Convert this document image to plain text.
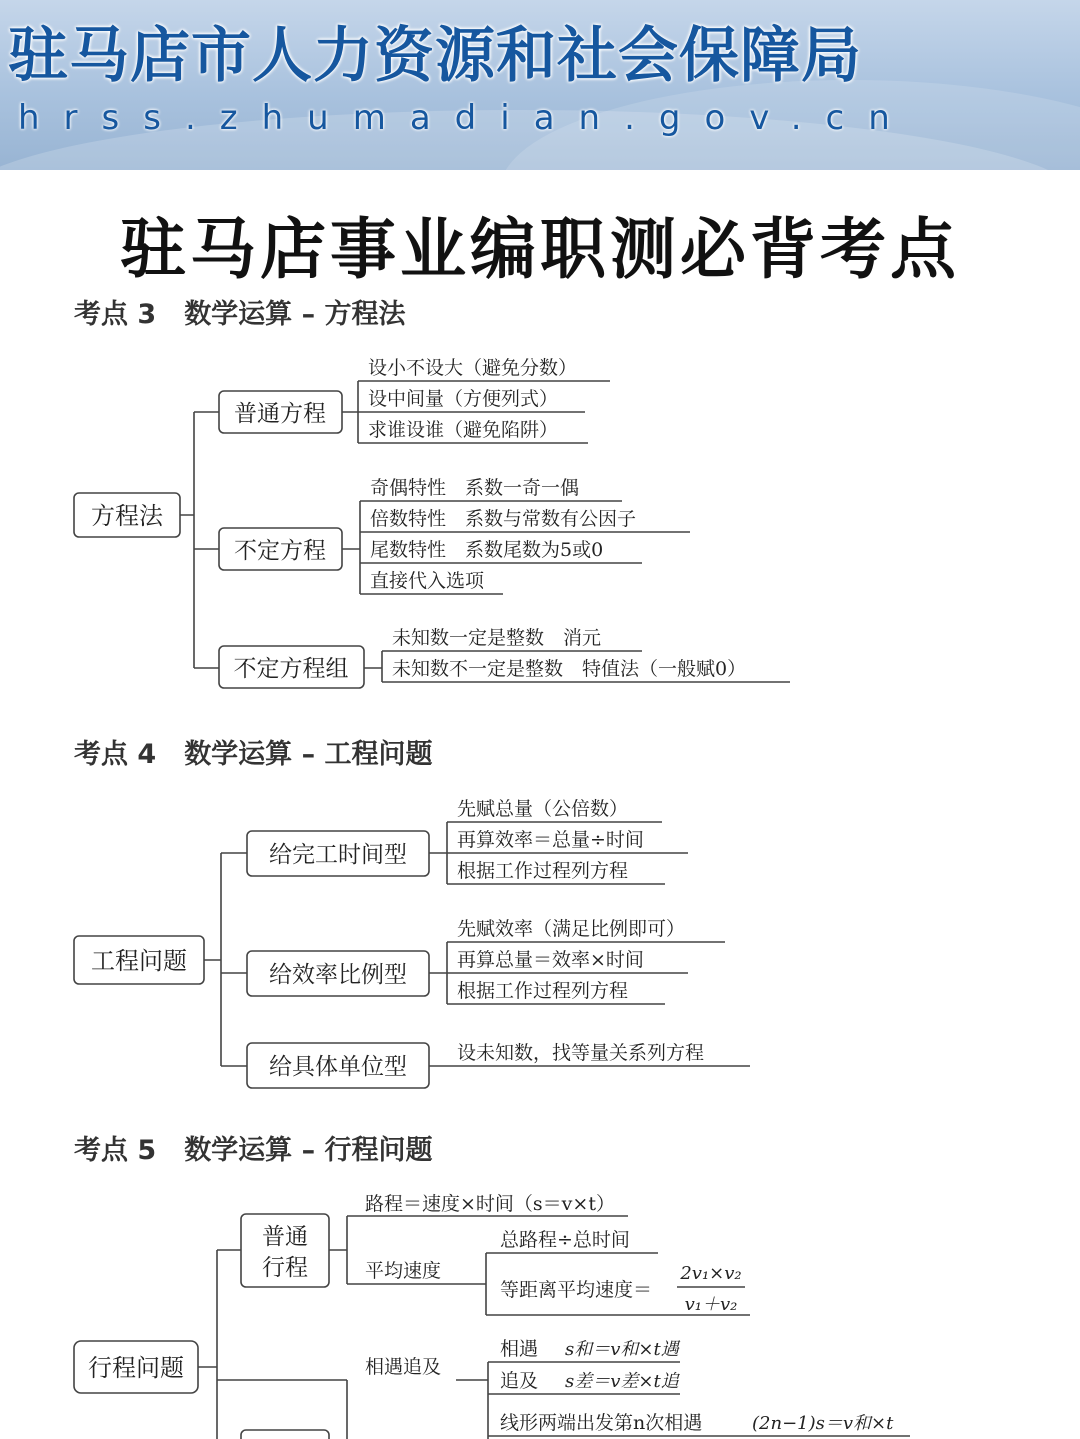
驻马店市人力资源和社会保障局
hrss.zhumadian.gov.cn
驻马店事业编职测必背考点
考点 3 数学运算 – 方程法
考点 4 数学运算 – 工程问题
考点 5 数学运算 – 行程问题
方程法
普通方程
设小不设大（避免分数）
设中间量（方便列式）
求谁设谁（避免陷阱）
不定方程
奇偶特性　系数一奇一偶
倍数特性　系数与常数有公因子
尾数特性　系数尾数为5或0
直接代入选项
不定方程组
未知数一定是整数　消元
未知数不一定是整数　特值法（一般赋0）
工程问题
给完工时间型
先赋总量（公倍数）
再算效率＝总量÷时间
根据工作过程列方程
给效率比例型
先赋效率（满足比例即可）
再算总量＝效率×时间
根据工作过程列方程
给具体单位型
设未知数，找等量关系列方程
行程问题
普通
行程
路程＝速度×时间（s＝v×t）
平均速度
总路程÷总时间
等距离平均速度＝
2v₁×v₂
v₁＋v₂
相遇追及
相遇 s和＝v和×t遇
追及 s差＝v差×t追
线形两端出发第n次相遇	(2n−1)s＝v和×t
